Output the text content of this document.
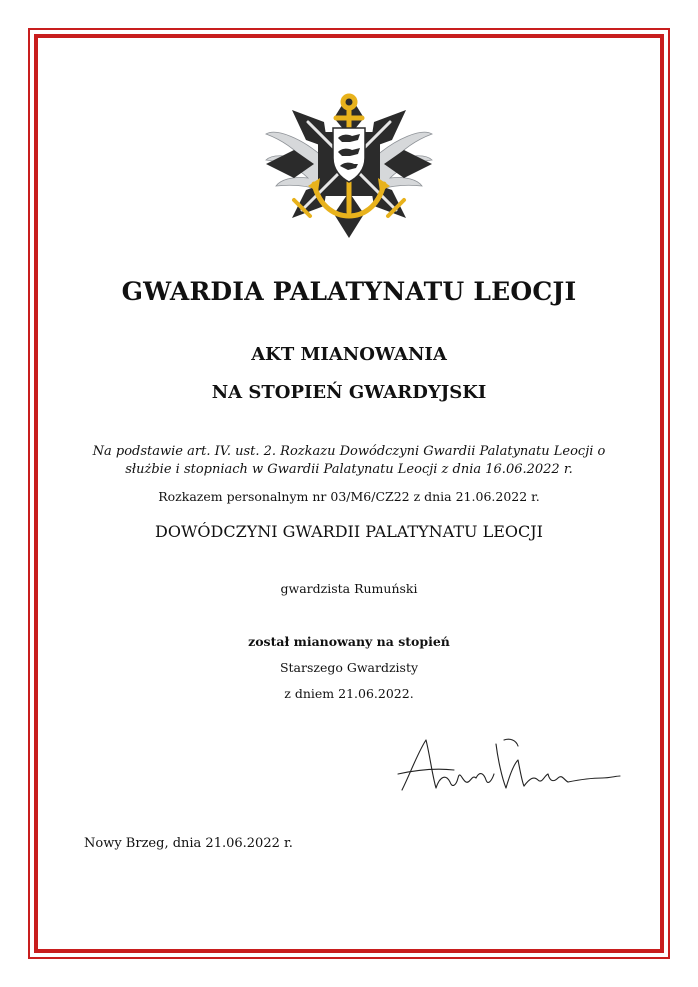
GWARDIA PALATYNATU LEOCJI
AKT MIANOWANIA
NA STOPIEŃ GWARDYJSKI
Na podstawie art. IV. ust. 2. Rozkazu Dowódczyni Gwardii Palatynatu Leocji o służbie i stopniach w Gwardii Palatynatu Leocji z dnia 16.06.2022 r.
Rozkazem personalnym nr 03/M6/CZ22 z dnia 21.06.2022 r.
DOWÓDCZYNI GWARDII PALATYNATU LEOCJI
gwardzista Rumuński
został mianowany na stopień
Starszego Gwardzisty
z dniem 21.06.2022.
Nowy Brzeg, dnia 21.06.2022 r.
